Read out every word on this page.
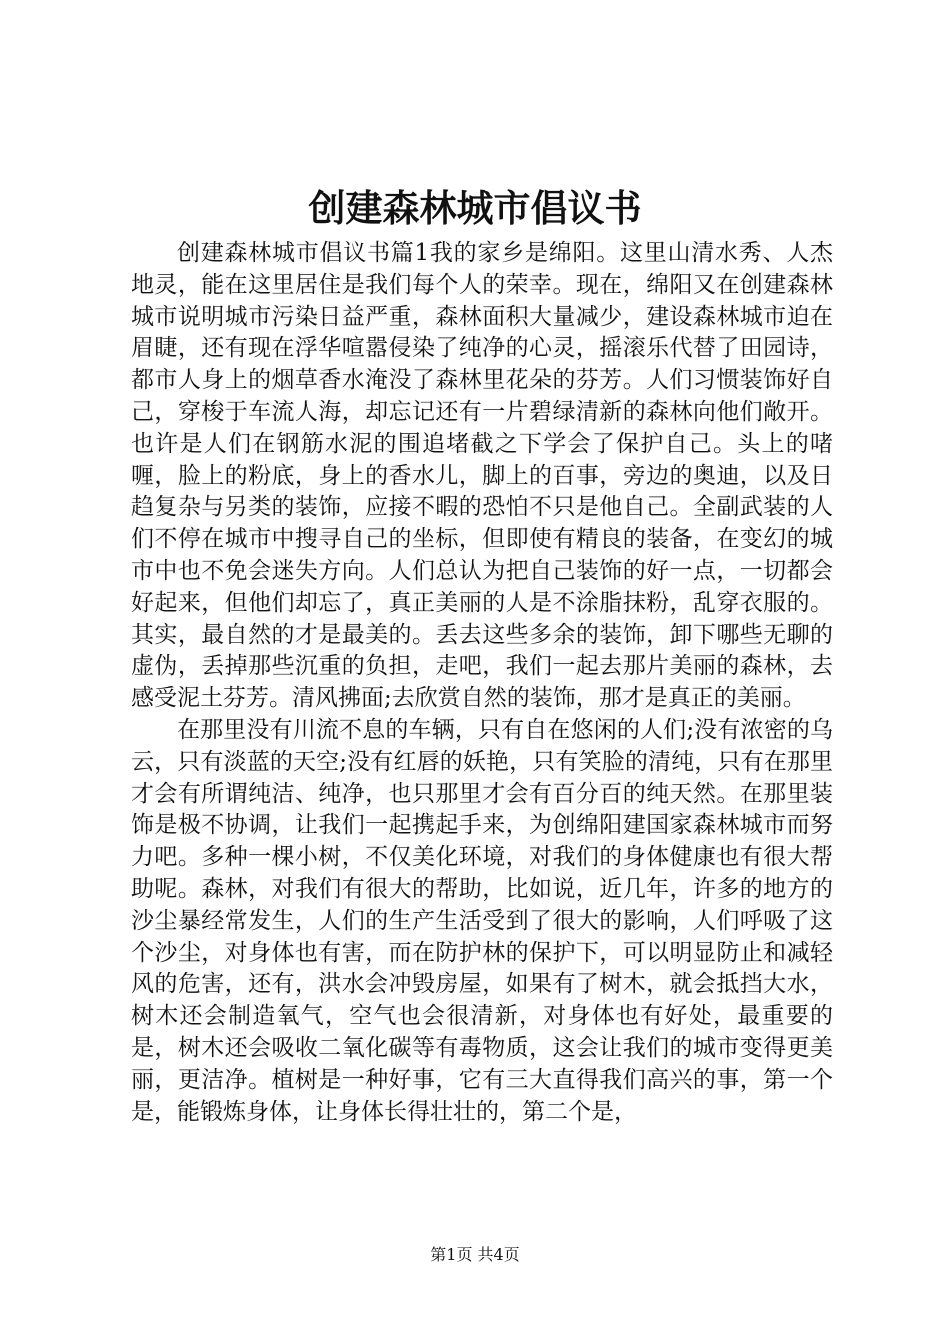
创建森林城市倡议书

创建森林城市倡议书篇1我的家乡是绵阳。这里山清水秀、人杰地灵，能在这里居住是我们每个人的荣幸。现在，绵阳又在创建森林城市说明城市污染日益严重，森林面积大量减少，建设森林城市迫在眉睫，还有现在浮华喧嚣侵染了纯净的心灵，摇滚乐代替了田园诗，都市人身上的烟草香水淹没了森林里花朵的芬芳。人们习惯装饰好自己，穿梭于车流人海，却忘记还有一片碧绿清新的森林向他们敞开。也许是人们在钢筋水泥的围追堵截之下学会了保护自己。头上的啫喱，脸上的粉底，身上的香水儿，脚上的百事，旁边的奥迪，以及日趋复杂与另类的装饰，应接不暇的恐怕不只是他自己。全副武装的人们不停在城市中搜寻自己的坐标，但即使有精良的装备，在变幻的城市中也不免会迷失方向。人们总认为把自己装饰的好一点，一切都会好起来，但他们却忘了，真正美丽的人是不涂脂抹粉，乱穿衣服的。其实，最自然的才是最美的。丢去这些多余的装饰，卸下哪些无聊的虚伪，丢掉那些沉重的负担，走吧，我们一起去那片美丽的森林，去感受泥土芬芳。清风拂面;去欣赏自然的装饰，那才是真正的美丽。

在那里没有川流不息的车辆，只有自在悠闲的人们;没有浓密的乌云，只有淡蓝的天空;没有红唇的妖艳，只有笑脸的清纯，只有在那里才会有所谓纯洁、纯净，也只那里才会有百分百的纯天然。在那里装饰是极不协调，让我们一起携起手来，为创绵阳建国家森林城市而努力吧。多种一棵小树，不仅美化环境，对我们的身体健康也有很大帮助呢。森林，对我们有很大的帮助，比如说，近几年，许多的地方的沙尘暴经常发生，人们的生产生活受到了很大的影响，人们呼吸了这个沙尘，对身体也有害，而在防护林的保护下，可以明显防止和减轻风的危害，还有，洪水会冲毁房屋，如果有了树木，就会抵挡大水，树木还会制造氧气，空气也会很清新，对身体也有好处，最重要的是，树木还会吸收二氧化碳等有毒物质，这会让我们的城市变得更美丽，更洁净。植树是一种好事，它有三大直得我们高兴的事，第一个是，能锻炼身体，让身体长得壮壮的，第二个是，

第1页 共4页
